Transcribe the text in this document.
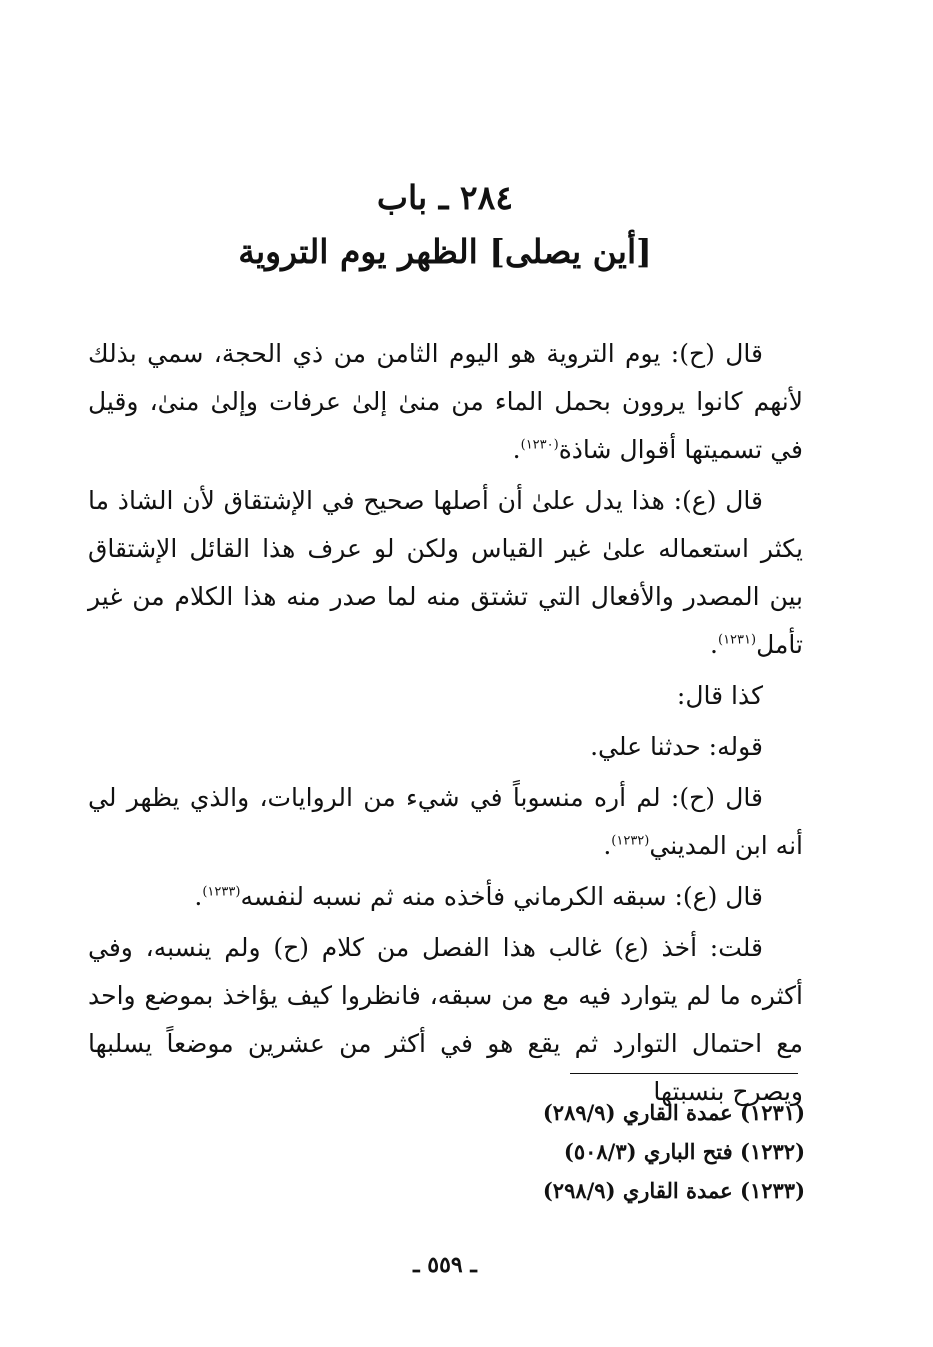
٢٨٤ ـ باب
[أين يصلى] الظهر يوم التروية

قال (ح): يوم التروية هو اليوم الثامن من ذي الحجة، سمي بذلك لأنهم كانوا يروون بحمل الماء من منىٰ إلىٰ عرفات وإلىٰ منىٰ، وقيل في تسميتها أقوال شاذة$^{(١٢٣٠)}$.

قال (ع): هذا يدل علىٰ أن أصلها صحيح في الإشتقاق لأن الشاذ ما يكثر استعماله علىٰ غير القياس ولكن لو عرف هذا القائل الإشتقاق بين المصدر والأفعال التي تشتق منه لما صدر منه هذا الكلام من غير تأمل$^{(١٢٣١)}$.

كذا قال:

قوله: حدثنا علي.

قال (ح): لم أره منسوباً في شيء من الروايات، والذي يظهر لي أنه ابن المديني$^{(١٢٣٢)}$.

قال (ع): سبقه الكرماني فأخذه منه ثم نسبه لنفسه$^{(١٢٣٣)}$.

قلت: أخذ (ع) غالب هذا الفصل من كلام (ح) ولم ينسبه، وفي أكثره ما لم يتوارد فيه مع من سبقه، فانظروا كيف يؤاخذ بموضع واحد مع احتمال التوارد ثم يقع هو في أكثر من عشرين موضعاً يسلبها ويصرح بنسبتها

(١٢٣١) عمدة القاري (٢٨٩/٩)
(١٢٣٢) فتح الباري (٥٠٨/٣)
(١٢٣٣) عمدة القاري (٢٩٨/٩)
ـ ٥٥٩ ـ
